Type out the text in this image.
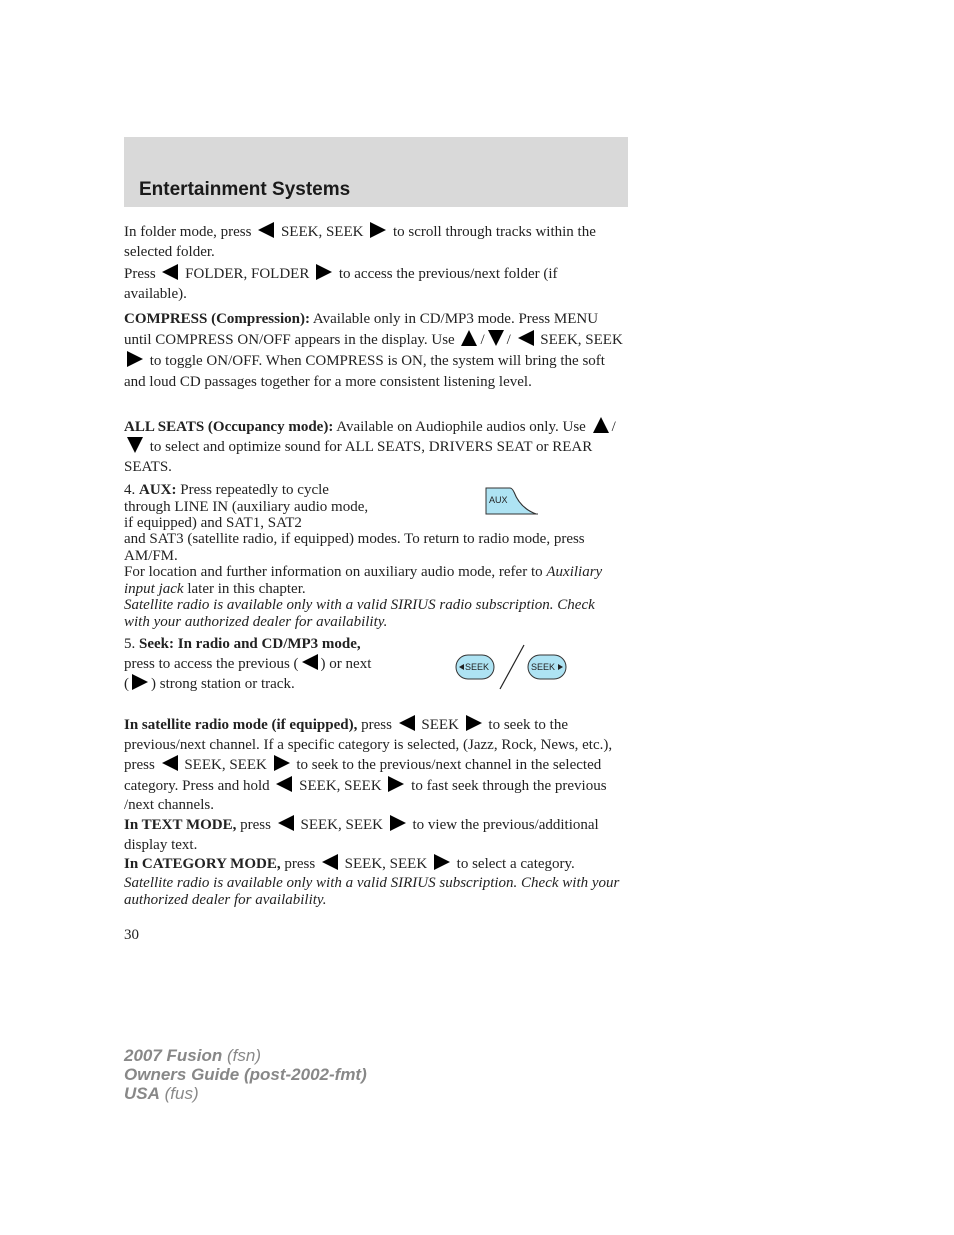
Entertainment Systems

In folder mode, press SEEK, SEEK to scroll through tracks within the selected folder.

Press FOLDER, FOLDER to access the previous/next folder (if available).

COMPRESS (Compression): Available only in CD/MP3 mode. Press MENU until COMPRESS ON/OFF appears in the display. Use / / SEEK, SEEK  to toggle ON/OFF. When COMPRESS is ON, the system will bring the soft and loud CD passages together for a more consistent listening level.

ALL SEATS (Occupancy mode): Available on Audiophile audios only. Use / to select and optimize sound for ALL SEATS, DRIVERS SEAT or REAR SEATS.

4. AUX: Press repeatedly to cycle through LINE IN (auxiliary audio mode, if equipped) and SAT1, SAT2

AUX

and SAT3 (satellite radio, if equipped) modes. To return to radio mode, press AM/FM.

For location and further information on auxiliary audio mode, refer to Auxiliary input jack later in this chapter.

Satellite radio is available only with a valid SIRIUS radio subscription. Check with your authorized dealer for availability.

5. Seek: In radio and CD/MP3 mode, press to access the previous ( ) or next ( ) strong station or track.

SEEK	SEEK

In satellite radio mode (if equipped), press SEEK to seek to the previous/next channel. If a specific category is selected, (Jazz, Rock, News, etc.), press SEEK, SEEK to seek to the previous/next channel in the selected category. Press and hold SEEK, SEEK to fast seek through the previous /next channels.

In TEXT MODE, press SEEK, SEEK to view the previous/additional display text.

In CATEGORY MODE, press SEEK, SEEK to select a category.

Satellite radio is available only with a valid SIRIUS subscription. Check with your authorized dealer for availability.

30

2007 Fusion (fsn)
Owners Guide (post-2002-fmt)
USA (fus)
